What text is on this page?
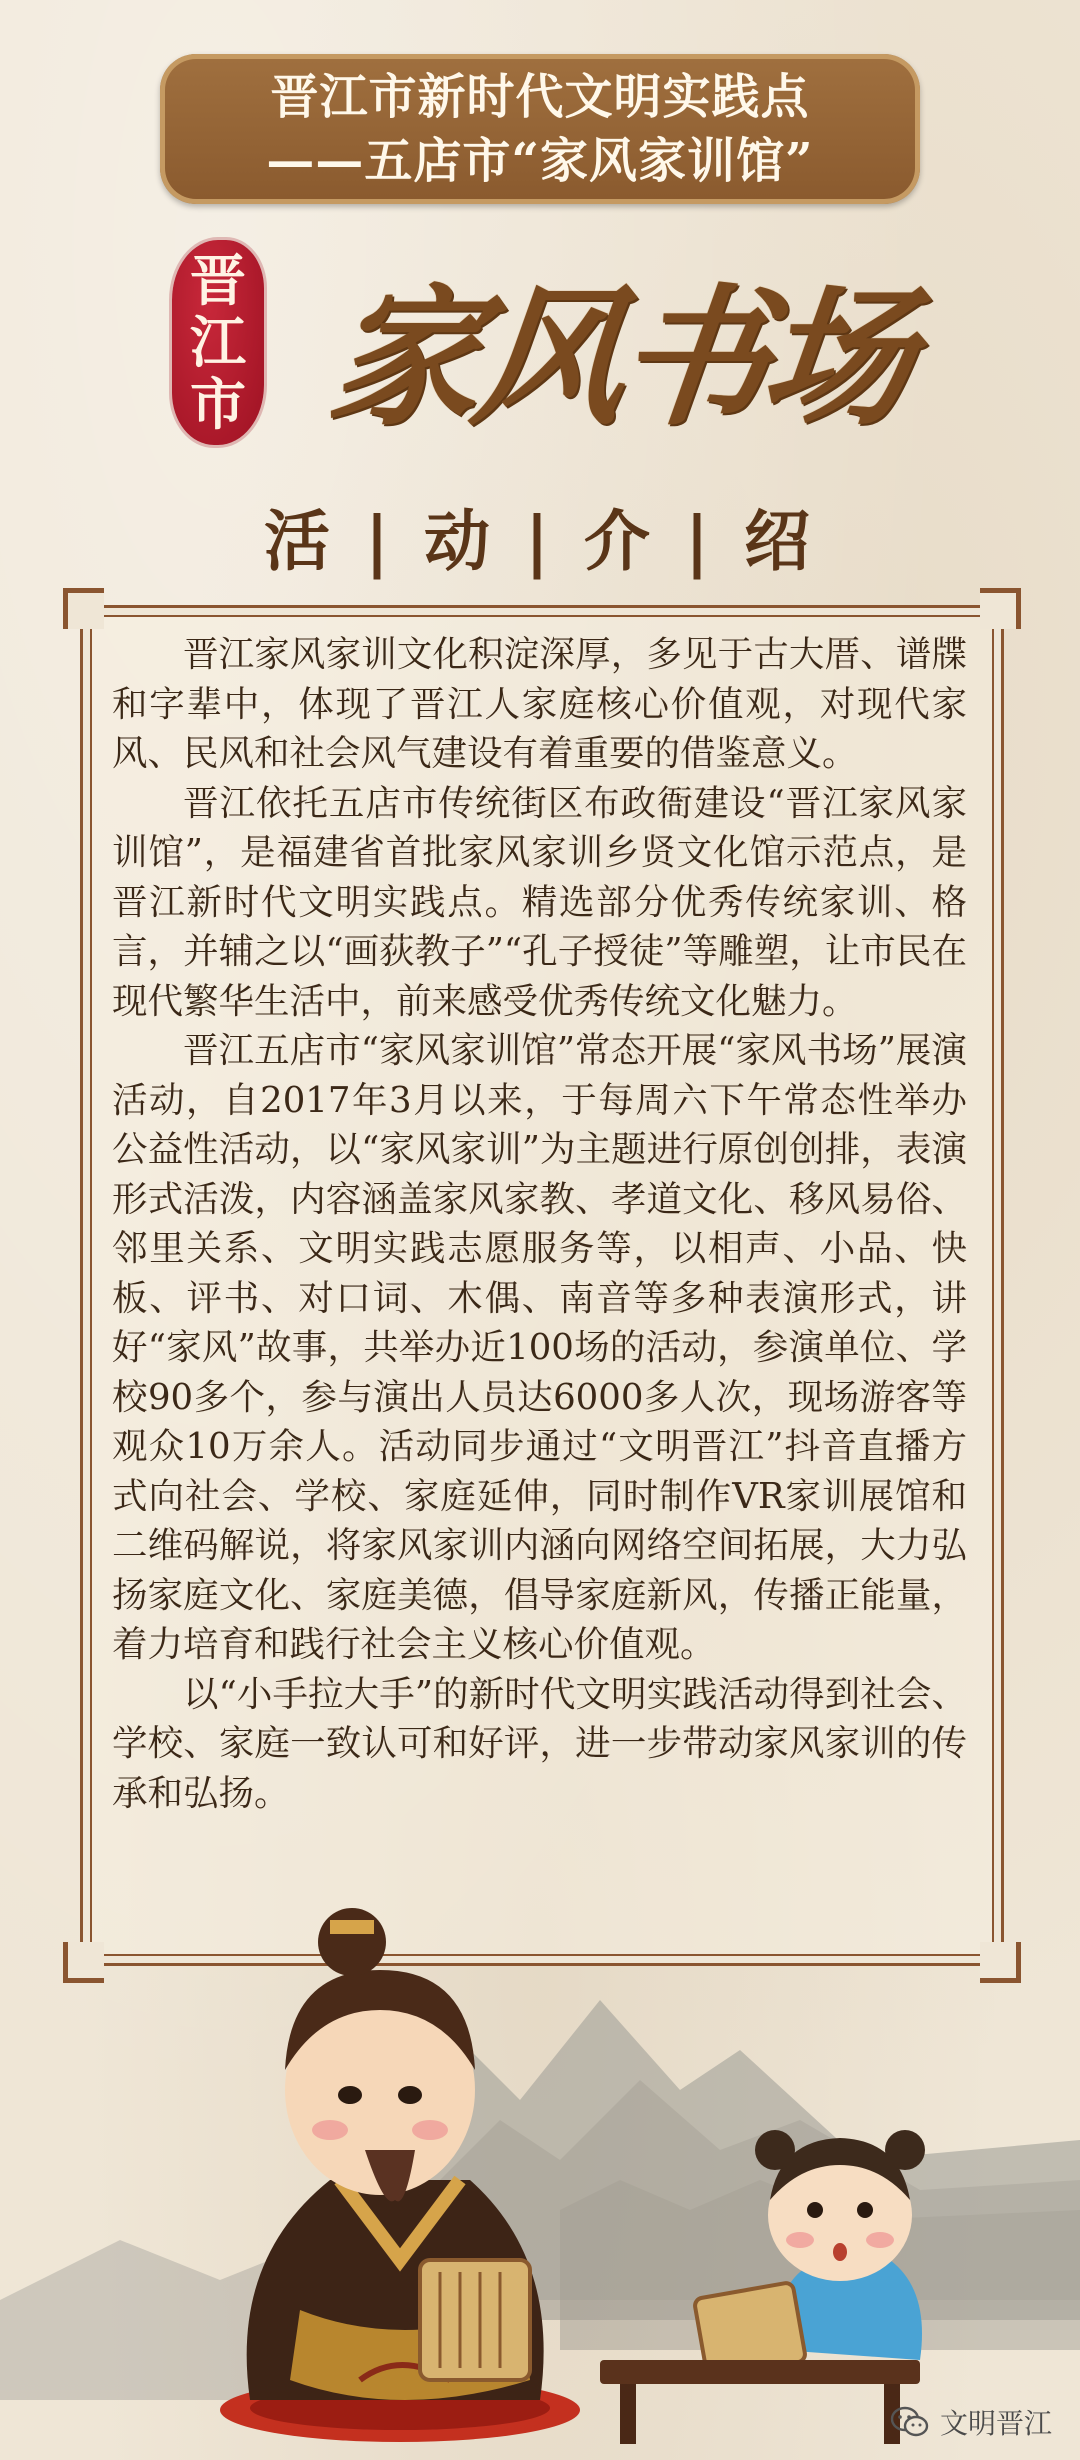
晋江市新时代文明实践点
——五店市“家风家训馆”
晋
江
市 家风书场
活 | 动 | 介 | 绍

晋江家风家训文化积淀深厚，多见于古大厝、谱牒和字辈中，体现了晋江人家庭核心价值观，对现代家风、民风和社会风气建设有着重要的借鉴意义。

晋江依托五店市传统街区布政衙建设“晋江家风家训馆”，是福建省首批家风家训乡贤文化馆示范点，是晋江新时代文明实践点。精选部分优秀传统家训、格言，并辅之以“画荻教子”“孔子授徒”等雕塑，让市民在现代繁华生活中，前来感受优秀传统文化魅力。

晋江五店市“家风家训馆”常态开展“家风书场”展演活动，自2017年3月以来，于每周六下午常态性举办公益性活动，以“家风家训”为主题进行原创创排，表演形式活泼，内容涵盖家风家教、孝道文化、移风易俗、邻里关系、文明实践志愿服务等，以相声、小品、快板、评书、对口词、木偶、南音等多种表演形式，讲好“家风”故事，共举办近100场的活动，参演单位、学校90多个，参与演出人员达6000多人次，现场游客等观众10万余人。活动同步通过“文明晋江”抖音直播方式向社会、学校、家庭延伸，同时制作VR家训展馆和二维码解说，将家风家训内涵向网络空间拓展，大力弘扬家庭文化、家庭美德，倡导家庭新风，传播正能量，着力培育和践行社会主义核心价值观。

以“小手拉大手”的新时代文明实践活动得到社会、学校、家庭一致认可和好评，进一步带动家风家训的传承和弘扬。

文明晋江
